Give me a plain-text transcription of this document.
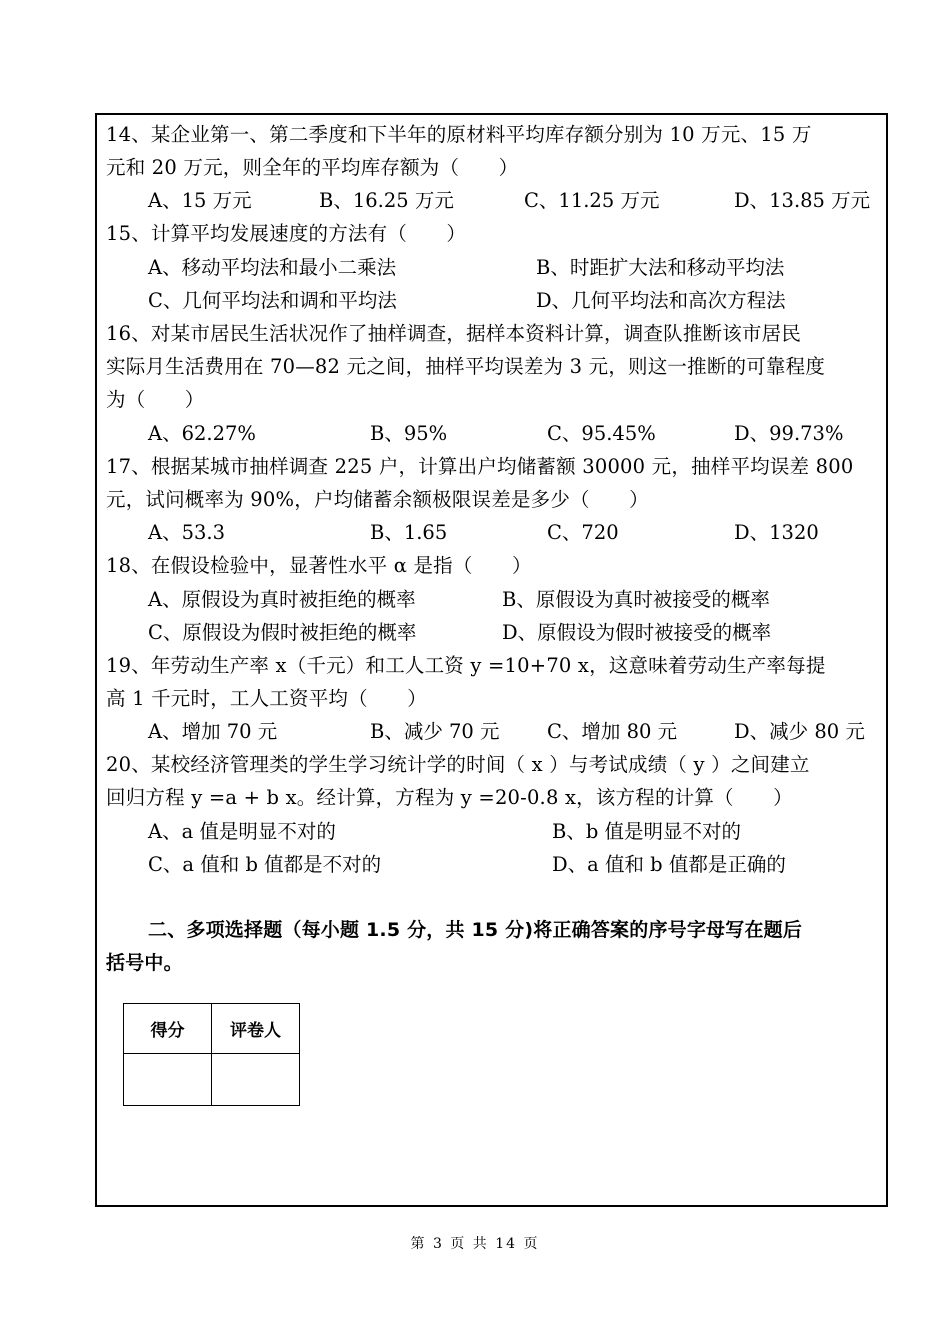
14、某企业第一、第二季度和下半年的原材料平均库存额分别为 10 万元、15 万
元和 20 万元，则全年的平均库存额为（　　）
A、15 万元	B、16.25 万元	C、11.25 万元	D、13.85 万元
15、计算平均发展速度的方法有（　　）
A、移动平均法和最小二乘法	B、时距扩大法和移动平均法
C、几何平均法和调和平均法	D、几何平均法和高次方程法
16、对某市居民生活状况作了抽样调查，据样本资料计算，调查队推断该市居民
实际月生活费用在 70—82 元之间，抽样平均误差为 3 元，则这一推断的可靠程度
为（　　）
A、62.27%	B、95%	C、95.45%	D、99.73%
17、根据某城市抽样调查 225 户，计算出户均储蓄额 30000 元，抽样平均误差 800
元，试问概率为 90%，户均储蓄余额极限误差是多少（　　）
A、53.3	B、1.65	C、720	D、1320
18、在假设检验中，显著性水平 α 是指（　　）
A、原假设为真时被拒绝的概率	B、原假设为真时被接受的概率
C、原假设为假时被拒绝的概率	D、原假设为假时被接受的概率
19、年劳动生产率 x（千元）和工人工资 y =10+70 x，这意味着劳动生产率每提
高 1 千元时，工人工资平均（　　）
A、增加 70 元	B、减少 70 元 C、增加 80 元	D、减少 80 元
20、某校经济管理类的学生学习统计学的时间（ x ）与考试成绩（ y ）之间建立
回归方程 y =a + b x。经计算，方程为 y =20-0.8 x，该方程的计算（　　）
A、a 值是明显不对的	B、b 值是明显不对的
C、a 值和 b 值都是不对的	D、a 值和 b 值都是正确的
二、多项选择题（每小题 1.5 分，共 15 分)将正确答案的序号字母写在题后
括号中。
得分	评卷人

第 3 页 共 14 页
